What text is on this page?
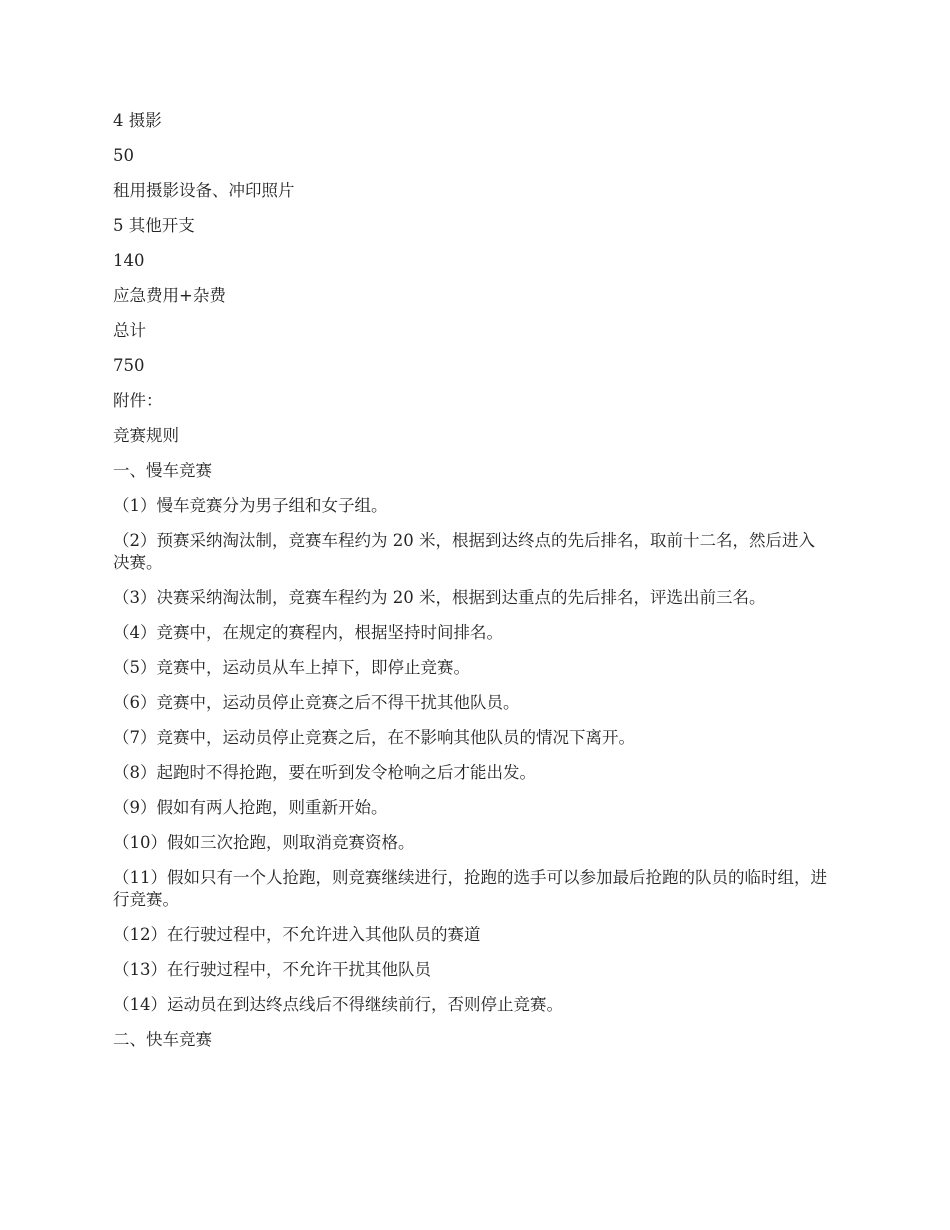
4 摄影

50

租用摄影设备、冲印照片

5 其他开支

140

应急费用+杂费

总计

750

附件：

竞赛规则

一、慢车竞赛

（1）慢车竞赛分为男子组和女子组。

（2）预赛采纳淘汰制，竞赛车程约为 20 米，根据到达终点的先后排名，取前十二名，然后进入决赛。

（3）决赛采纳淘汰制，竞赛车程约为 20 米，根据到达重点的先后排名，评选出前三名。

（4）竞赛中，在规定的赛程内，根据坚持时间排名。

（5）竞赛中，运动员从车上掉下，即停止竞赛。

（6）竞赛中，运动员停止竞赛之后不得干扰其他队员。

（7）竞赛中，运动员停止竞赛之后，在不影响其他队员的情况下离开。

（8）起跑时不得抢跑，要在听到发令枪响之后才能出发。

（9）假如有两人抢跑，则重新开始。

（10）假如三次抢跑，则取消竞赛资格。

（11）假如只有一个人抢跑，则竞赛继续进行，抢跑的选手可以参加最后抢跑的队员的临时组，进行竞赛。

（12）在行驶过程中，不允许进入其他队员的赛道

（13）在行驶过程中，不允许干扰其他队员

（14）运动员在到达终点线后不得继续前行，否则停止竞赛。

二、快车竞赛
